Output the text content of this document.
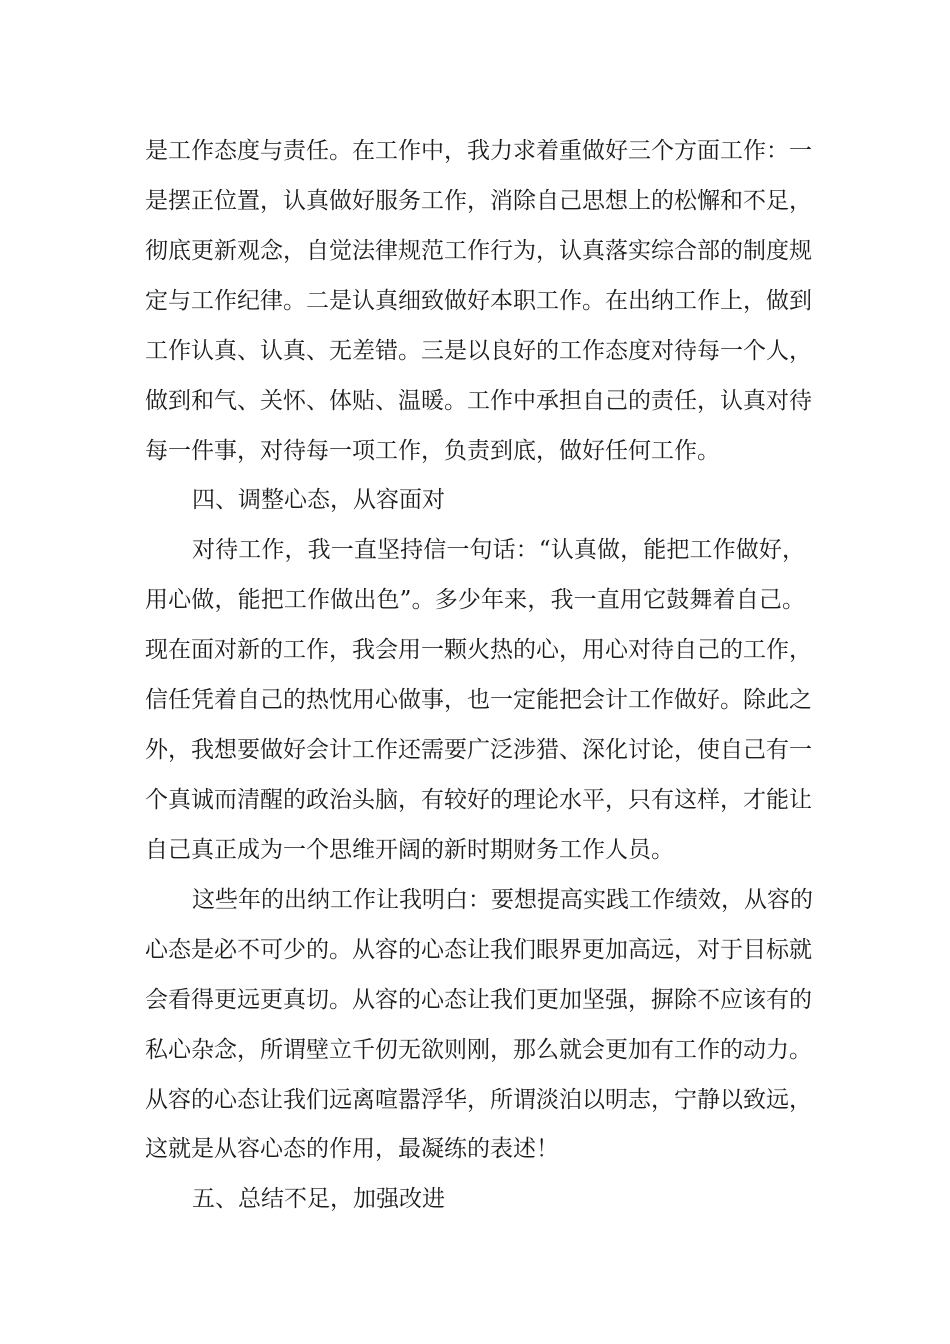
是工作态度与责任。在工作中，我力求着重做好三个方面工作：一
是摆正位置，认真做好服务工作，消除自己思想上的松懈和不足，
彻底更新观念，自觉法律规范工作行为，认真落实综合部的制度规
定与工作纪律。二是认真细致做好本职工作。在出纳工作上，做到
工作认真、认真、无差错。三是以良好的工作态度对待每一个人，
做到和气、关怀、体贴、温暖。工作中承担自己的责任，认真对待
每一件事，对待每一项工作，负责到底，做好任何工作。
四、调整心态，从容面对
对待工作，我一直坚持信一句话：“认真做，能把工作做好，
用心做，能把工作做出色”。多少年来，我一直用它鼓舞着自己。
现在面对新的工作，我会用一颗火热的心，用心对待自己的工作，
信任凭着自己的热忱用心做事，也一定能把会计工作做好。除此之
外，我想要做好会计工作还需要广泛涉猎、深化讨论，使自己有一
个真诚而清醒的政治头脑，有较好的理论水平，只有这样，才能让
自己真正成为一个思维开阔的新时期财务工作人员。
这些年的出纳工作让我明白：要想提高实践工作绩效，从容的
心态是必不可少的。从容的心态让我们眼界更加高远，对于目标就
会看得更远更真切。从容的心态让我们更加坚强，摒除不应该有的
私心杂念，所谓壁立千仞无欲则刚，那么就会更加有工作的动力。
从容的心态让我们远离喧嚣浮华，所谓淡泊以明志，宁静以致远，
这就是从容心态的作用，最凝练的表述！
五、总结不足，加强改进
